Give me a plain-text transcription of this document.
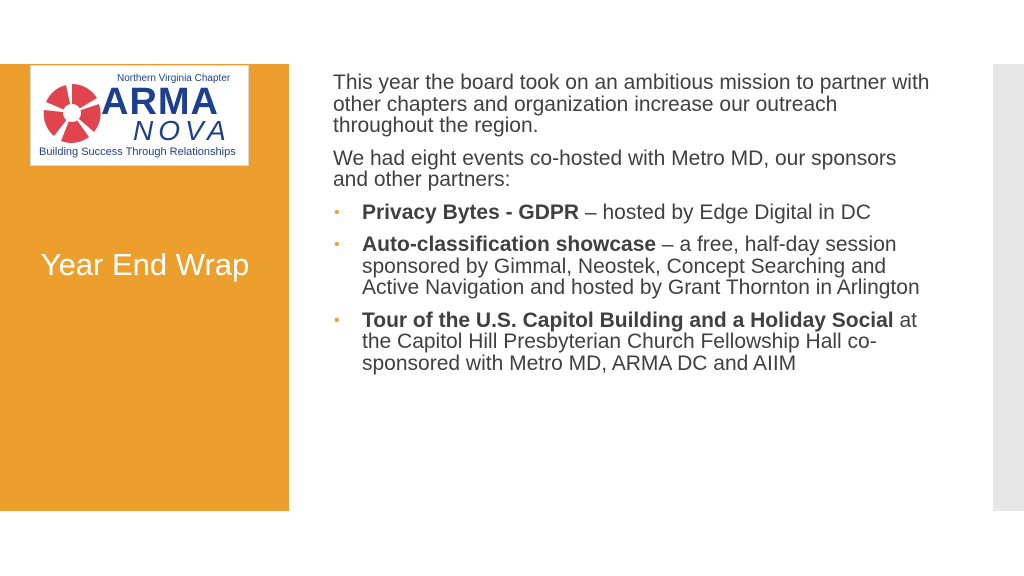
Northern Virginia Chapter
ARMA
NOVA
Building Success Through Relationships
Year End Wrap

This year the board took on an ambitious mission to partner with other chapters and organization increase our outreach throughout the region.

We had eight events co-hosted with Metro MD, our sponsors and other partners:

• Privacy Bytes - GDPR – hosted by Edge Digital in DC
• Auto-classification showcase – a free, half-day session sponsored by Gimmal, Neostek, Concept Searching and Active Navigation and hosted by Grant Thornton in Arlington
• Tour of the U.S. Capitol Building and a Holiday Social at the Capitol Hill Presbyterian Church Fellowship Hall co-sponsored with Metro MD, ARMA DC and AIIM
